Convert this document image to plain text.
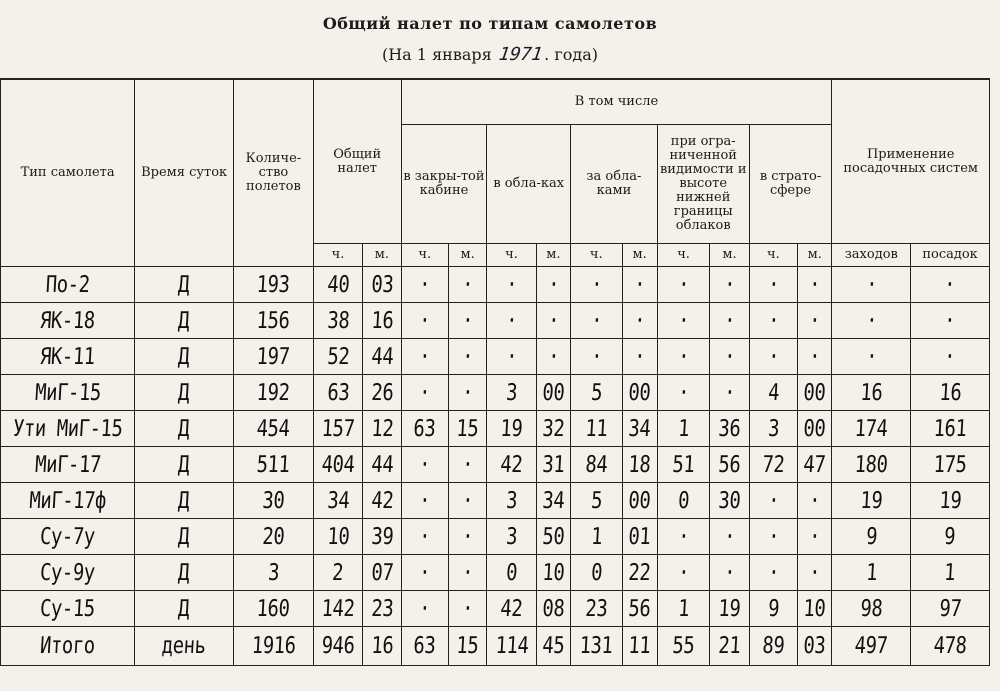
Общий налет по типам самолетов
(На 1 января 1971. года)
Тип самолета	Время суток	Количе-ство полетов	Общий налет		В том числе										Применение посадочных систем	
					в закры-той кабине		в обла-ках		за обла-ками		при огра-ниченной видимости и высоте нижней границы облаков		в страто-сфере			
			ч.	м.	ч.	м.	ч.	м.	ч.	м.	ч.	м.	ч.	м.	заходов	посадок
По-2	Д	193	40	03	·	·	·	·	·	·	·	·	·	·	·	·
ЯК-18	Д	156	38	16	·	·	·	·	·	·	·	·	·	·	·	·
ЯК-11	Д	197	52	44	·	·	·	·	·	·	·	·	·	·	·	·
МиГ-15	Д	192	63	26	·	·	3	00	5	00	·	·	4	00	16	16
Ути МиГ-15	Д	454	157	12	63	15	19	32	11	34	1	36	3	00	174	161
МиГ-17	Д	511	404	44	·	·	42	31	84	18	51	56	72	47	180	175
МиГ-17ф	Д	30	34	42	·	·	3	34	5	00	0	30	·	·	19	19
Су-7у	Д	20	10	39	·	·	3	50	1	01	·	·	·	·	9	9
Су-9у	Д	3	2	07	·	·	0	10	0	22	·	·	·	·	1	1
Су-15	Д	160	142	23	·	·	42	08	23	56	1	19	9	10	98	97
Итого	день	1916	946	16	63	15	114	45	131	11	55	21	89	03	497	478
